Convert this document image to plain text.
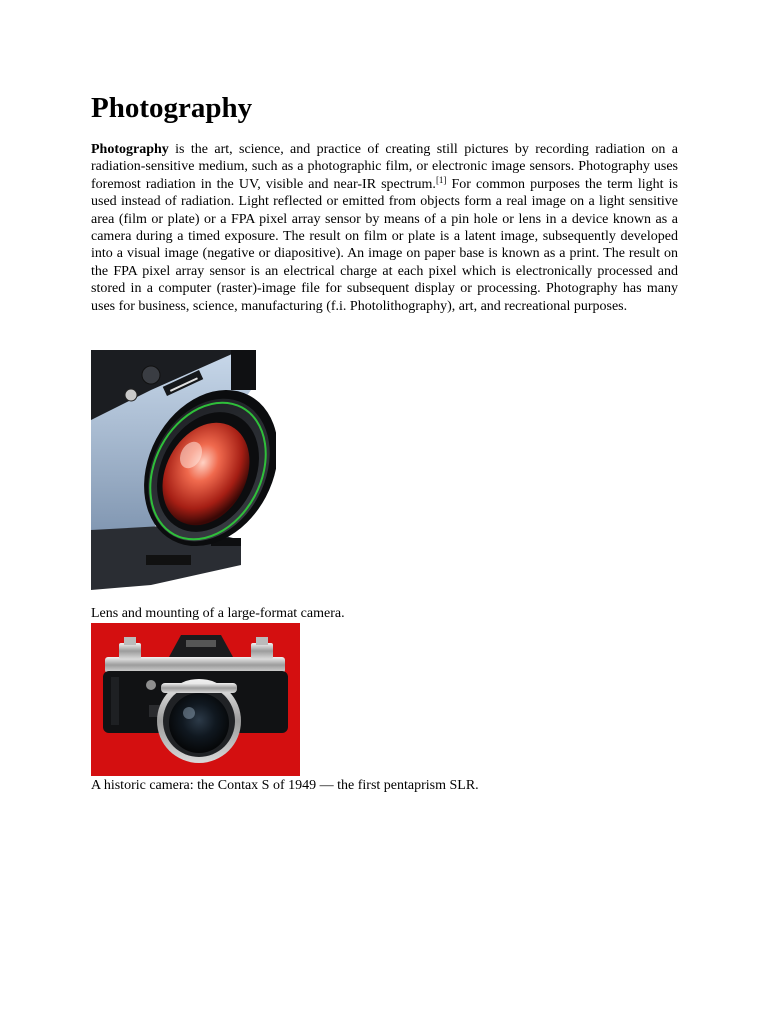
Photography

Photography is the art, science, and practice of creating still pictures by recording radiation on a radiation-sensitive medium, such as a photographic film, or electronic image sensors. Photography uses foremost radiation in the UV, visible and near-IR spectrum.[1] For common purposes the term light is used instead of radiation. Light reflected or emitted from objects form a real image on a light sensitive area (film or plate) or a FPA pixel array sensor by means of a pin hole or lens in a device known as a camera during a timed exposure. The result on film or plate is a latent image, subsequently developed into a visual image (negative or diapositive). An image on paper base is known as a print. The result on the FPA pixel array sensor is an electrical charge at each pixel which is electronically processed and stored in a computer (raster)-image file for subsequent display or processing. Photography has many uses for business, science, manufacturing (f.i. Photolithography), art, and recreational purposes.

Lens and mounting of a large-format camera.
A historic camera: the Contax S of 1949 — the first pentaprism SLR.
